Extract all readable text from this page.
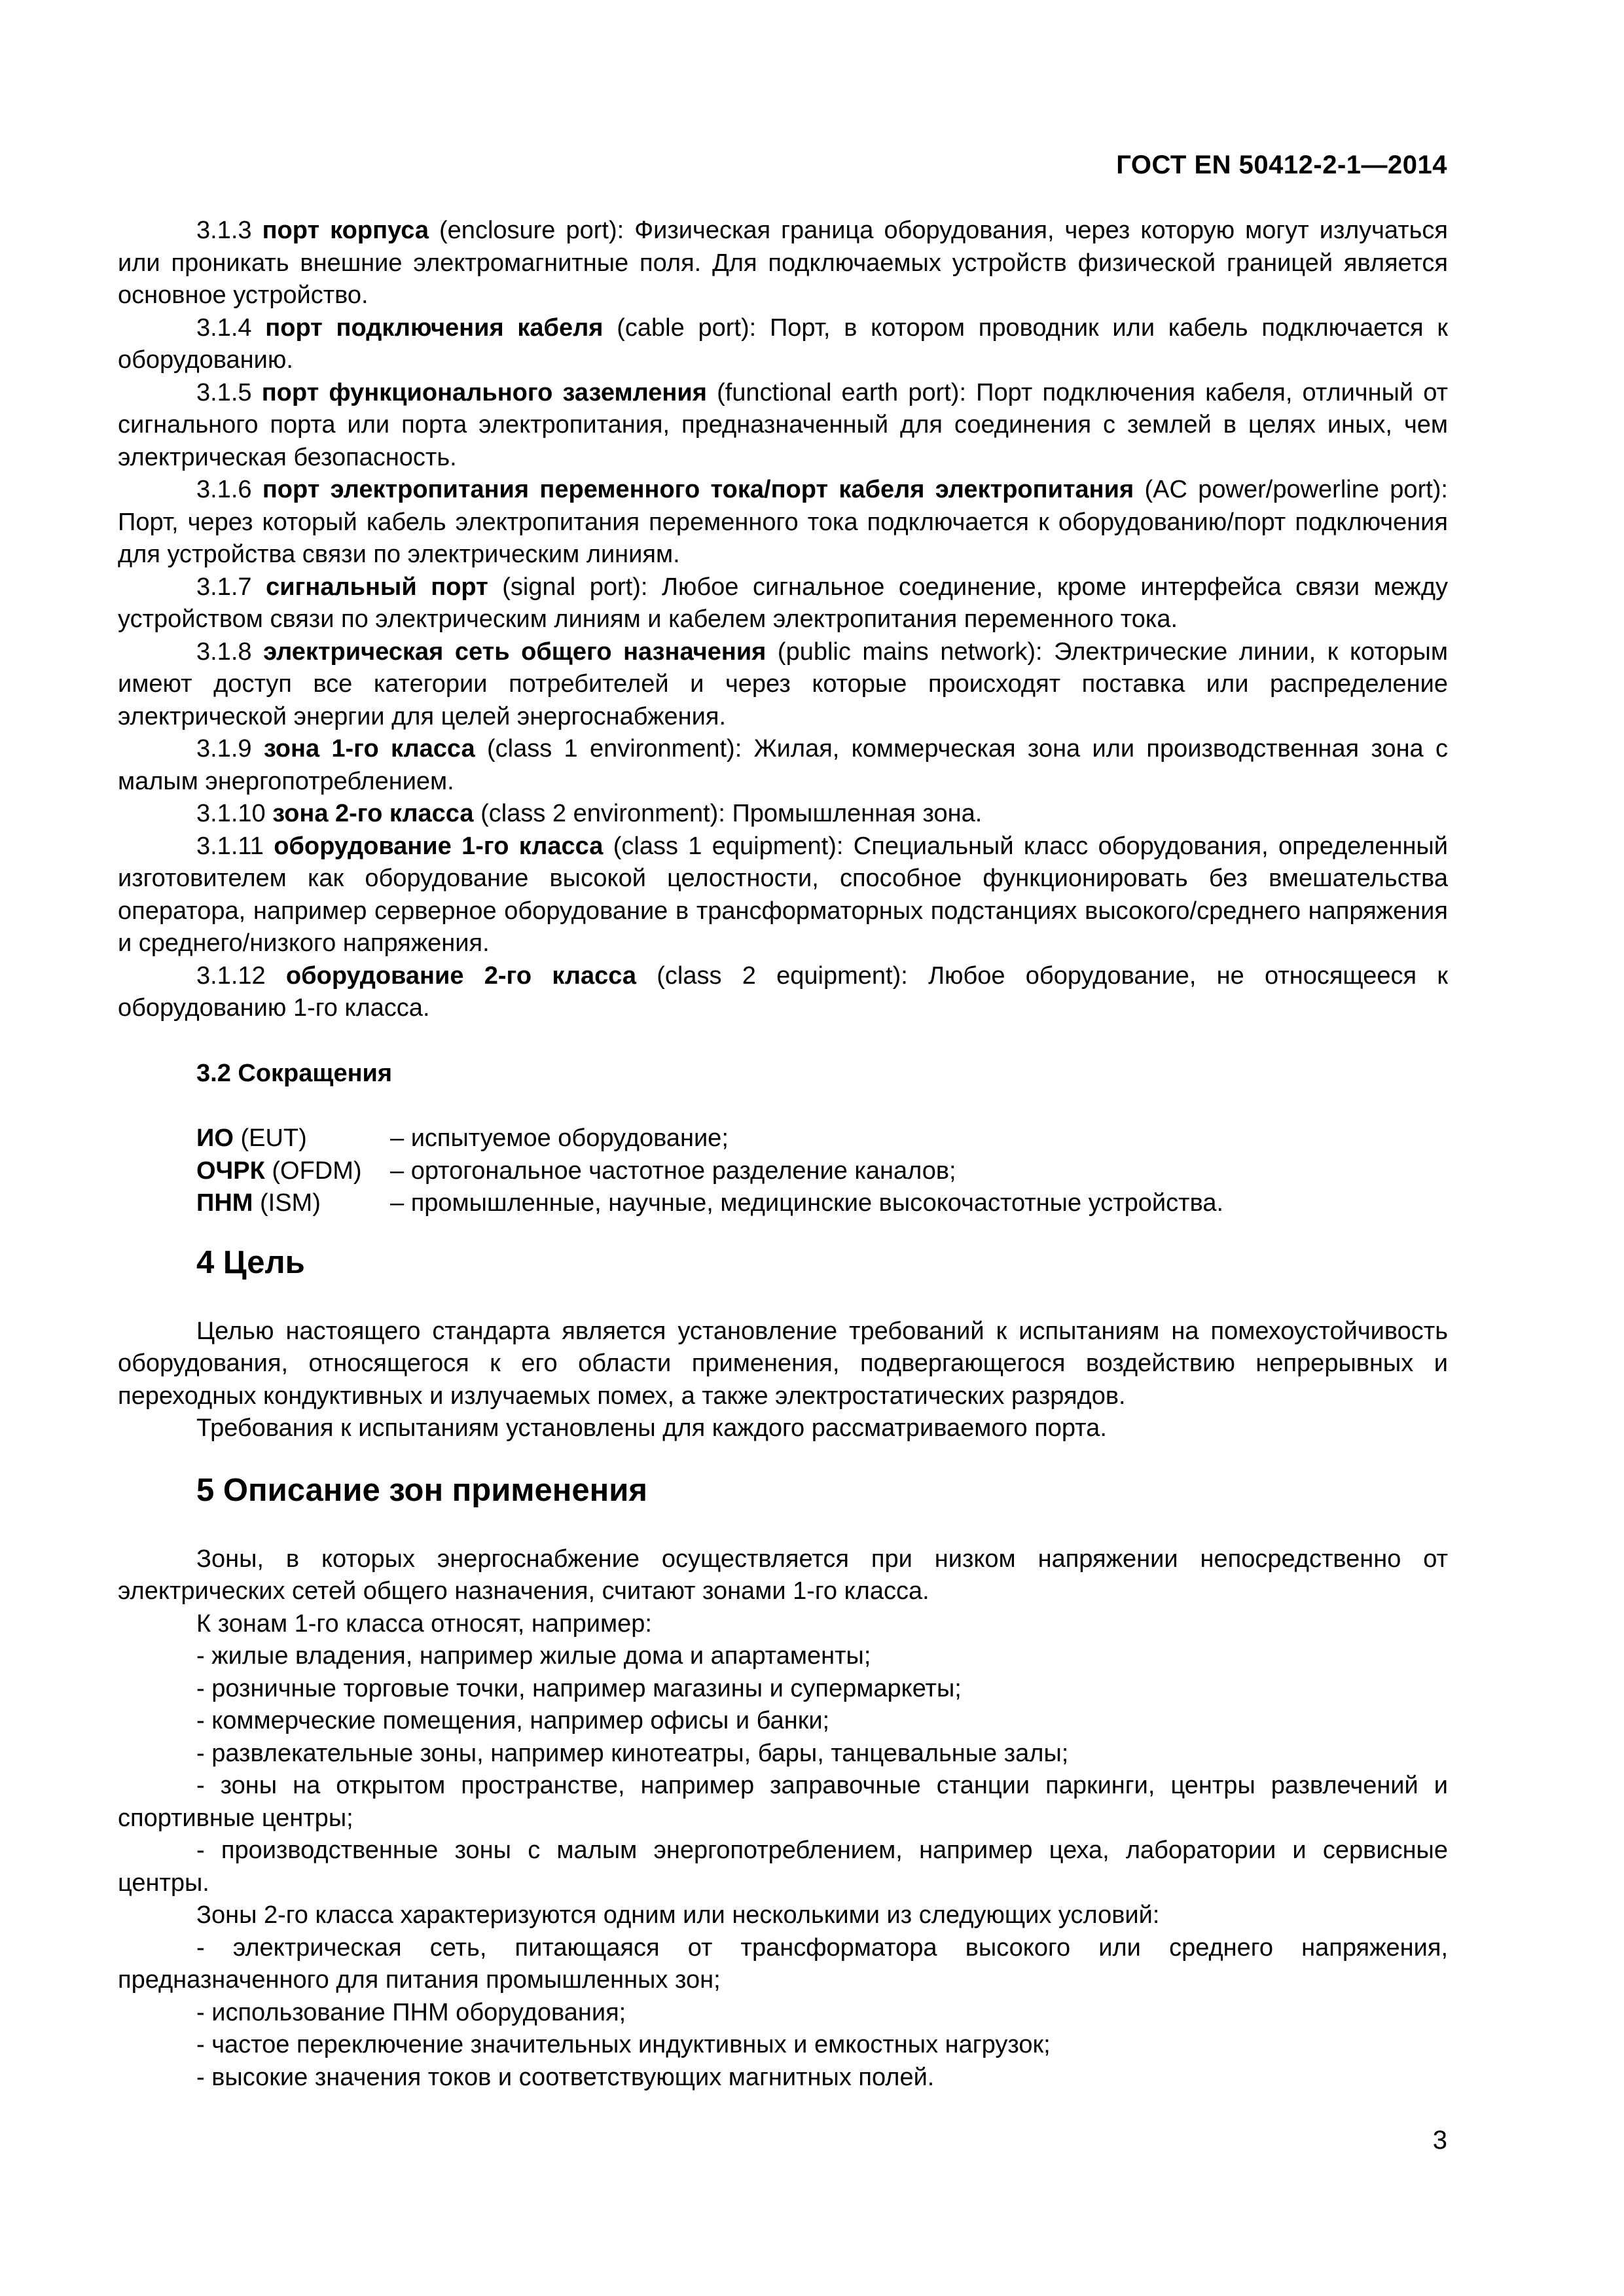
ГОСТ EN 50412-2-1—2014

3.1.3 порт корпуса (enclosure port): Физическая граница оборудования, через которую могут излучаться или проникать внешние электромагнитные поля. Для подключаемых устройств физической границей является основное устройство.

3.1.4 порт подключения кабеля (cable port): Порт, в котором проводник или кабель подключается к оборудованию.

3.1.5 порт функционального заземления (functional earth port): Порт подключения кабеля, отличный от сигнального порта или порта электропитания, предназначенный для соединения с землей в целях иных, чем электрическая безопасность.

3.1.6 порт электропитания переменного тока/порт кабеля электропитания (AC power/powerline port): Порт, через который кабель электропитания переменного тока подключается к оборудованию/порт подключения для устройства связи по электрическим линиям.

3.1.7 сигнальный порт (signal port): Любое сигнальное соединение, кроме интерфейса связи между устройством связи по электрическим линиям и кабелем электропитания переменного тока.

3.1.8 электрическая сеть общего назначения (public mains network): Электрические линии, к которым имеют доступ все категории потребителей и через которые происходят поставка или распределение электрической энергии для целей энергоснабжения.

3.1.9 зона 1-го класса (class 1 environment): Жилая, коммерческая зона или производственная зона с малым энергопотреблением.

3.1.10 зона 2-го класса (class 2 environment): Промышленная зона.

3.1.11 оборудование 1-го класса (class 1 equipment): Специальный класс оборудования, определенный изготовителем как оборудование высокой целостности, способное функционировать без вмешательства оператора, например серверное оборудование в трансформаторных подстанциях высокого/среднего напряжения и среднего/низкого напряжения.

3.1.12 оборудование 2-го класса (class 2 equipment): Любое оборудование, не относящееся к оборудованию 1-го класса.

3.2 Сокращения
ИО (EUT)	– испытуемое оборудование;
ОЧРК (OFDM)	– ортогональное частотное разделение каналов;
ПНМ (ISM)	– промышленные, научные, медицинские высокочастотные устройства.
4 Цель

Целью настоящего стандарта является установление требований к испытаниям на помехоустойчивость оборудования, относящегося к его области применения, подвергающегося воздействию непрерывных и переходных кондуктивных и излучаемых помех, а также электростатических разрядов.

Требования к испытаниям установлены для каждого рассматриваемого порта.

5 Описание зон применения

Зоны, в которых энергоснабжение осуществляется при низком напряжении непосредственно от электрических сетей общего назначения, считают зонами 1-го класса.

К зонам 1-го класса относят, например:

- жилые владения, например жилые дома и апартаменты;

- розничные торговые точки, например магазины и супермаркеты;

- коммерческие помещения, например офисы и банки;

- развлекательные зоны, например кинотеатры, бары, танцевальные залы;

- зоны на открытом пространстве, например заправочные станции паркинги, центры развлечений и спортивные центры;

- производственные зоны с малым энергопотреблением, например цеха, лаборатории и сервисные центры.

Зоны 2-го класса характеризуются одним или несколькими из следующих условий:

- электрическая сеть, питающаяся от трансформатора высокого или среднего напряжения, предназначенного для питания промышленных зон;

- использование ПНМ оборудования;

- частое переключение значительных индуктивных и емкостных нагрузок;

- высокие значения токов и соответствующих магнитных полей.

3
